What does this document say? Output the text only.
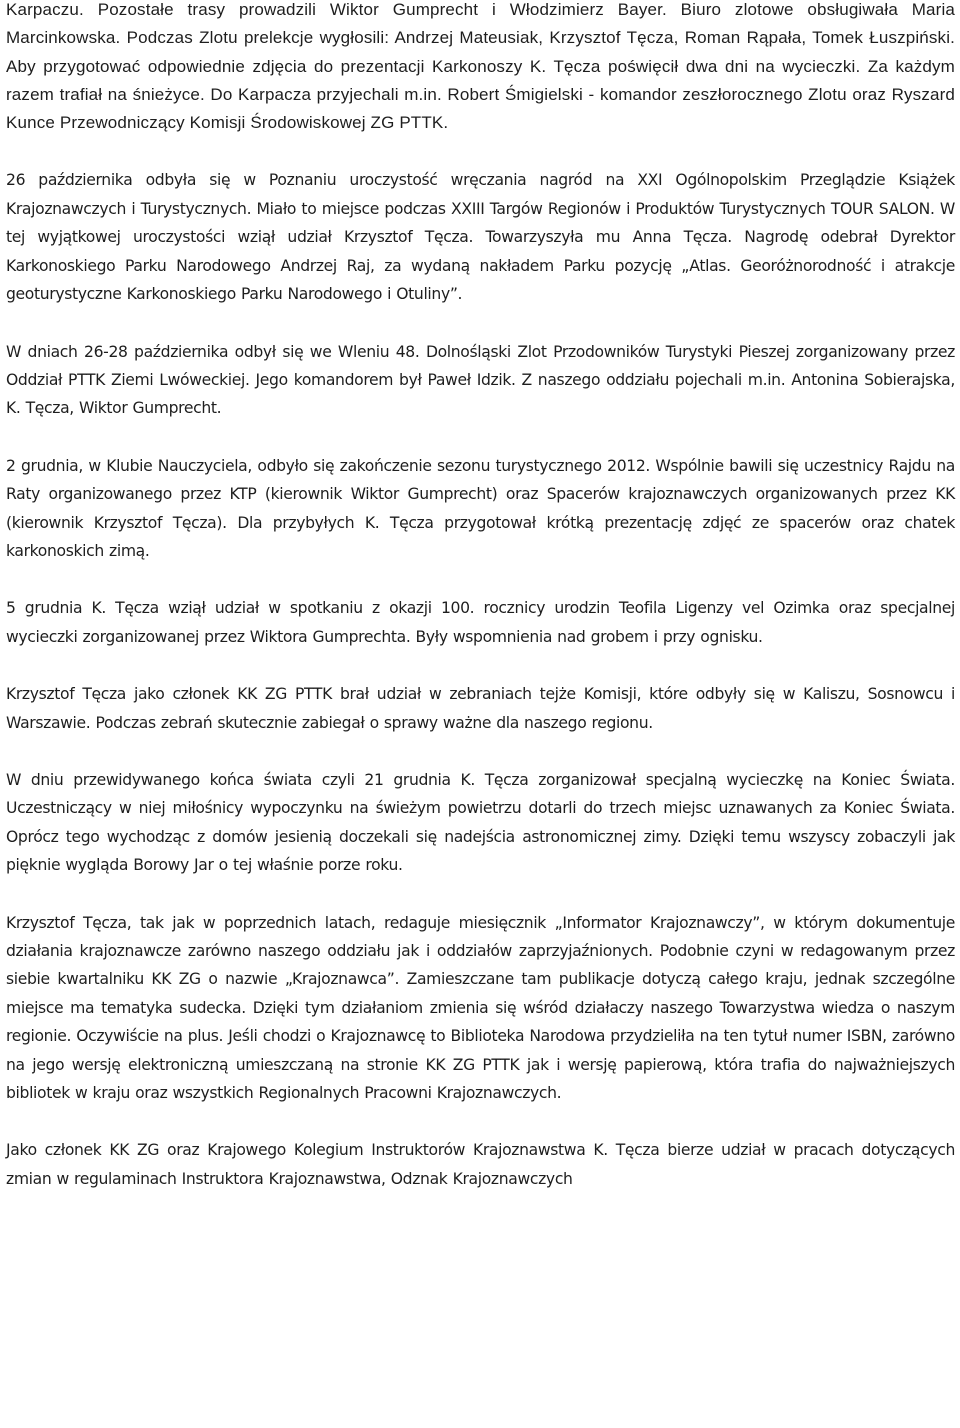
Karpaczu. Pozostałe trasy prowadzili Wiktor Gumprecht i Włodzimierz Bayer. Biuro zlotowe obsługiwała Maria Marcinkowska. Podczas Zlotu prelekcje wygłosili: Andrzej Mateusiak, Krzysztof Tęcza, Roman Rąpała, Tomek Łuszpiński. Aby przygotować odpowiednie zdjęcia do prezentacji Karkonoszy K. Tęcza poświęcił dwa dni na wycieczki. Za każdym razem trafiał na śnieżyce. Do Karpacza przyjechali m.in. Robert Śmigielski - komandor zeszłorocznego Zlotu oraz Ryszard Kunce Przewodniczący Komisji Środowiskowej ZG PTTK.

26 października odbyła się w Poznaniu uroczystość wręczania nagród na XXI Ogólnopolskim Przeglądzie Książek Krajoznawczych i Turystycznych. Miało to miejsce podczas XXIII Targów Regionów i Produktów Turystycznych TOUR SALON. W tej wyjątkowej uroczystości wziął udział Krzysztof Tęcza. Towarzyszyła mu Anna Tęcza. Nagrodę odebrał Dyrektor Karkonoskiego Parku Narodowego Andrzej Raj, za wydaną nakładem Parku pozycję „Atlas. Georóżnorodność i atrakcje geoturystyczne Karkonoskiego Parku Narodowego i Otuliny”.

W dniach 26-28 października odbył się we Wleniu 48. Dolnośląski Zlot Przodowników Turystyki Pieszej zorganizowany przez Oddział PTTK Ziemi Lwóweckiej. Jego komandorem był Paweł Idzik. Z naszego oddziału pojechali m.in. Antonina Sobierajska, K. Tęcza, Wiktor Gumprecht.

2 grudnia, w Klubie Nauczyciela, odbyło się zakończenie sezonu turystycznego 2012. Wspólnie bawili się uczestnicy Rajdu na Raty organizowanego przez KTP (kierownik Wiktor Gumprecht) oraz Spacerów krajoznawczych organizowanych przez KK (kierownik Krzysztof Tęcza). Dla przybyłych K. Tęcza przygotował krótką prezentację zdjęć ze spacerów oraz chatek karkonoskich zimą.

5 grudnia K. Tęcza wziął udział w spotkaniu z okazji 100. rocznicy urodzin Teofila Ligenzy vel Ozimka oraz specjalnej wycieczki zorganizowanej przez Wiktora Gumprechta. Były wspomnienia nad grobem i przy ognisku.

Krzysztof Tęcza jako członek KK ZG PTTK brał udział w zebraniach tejże Komisji, które odbyły się w Kaliszu, Sosnowcu i Warszawie. Podczas zebrań skutecznie zabiegał o sprawy ważne dla naszego regionu.

W dniu przewidywanego końca świata czyli 21 grudnia K. Tęcza zorganizował specjalną wycieczkę na Koniec Świata. Uczestniczący w niej miłośnicy wypoczynku na świeżym powietrzu dotarli do trzech miejsc uznawanych za Koniec Świata. Oprócz tego wychodząc z domów jesienią doczekali się nadejścia astronomicznej zimy. Dzięki temu wszyscy zobaczyli jak pięknie wygląda Borowy Jar o tej właśnie porze roku.

Krzysztof Tęcza, tak jak w poprzednich latach, redaguje miesięcznik „Informator Krajoznawczy”, w którym dokumentuje działania krajoznawcze zarówno naszego oddziału jak i oddziałów zaprzyjaźnionych. Podobnie czyni w redagowanym przez siebie kwartalniku KK ZG o nazwie „Krajoznawca”. Zamieszczane tam publikacje dotyczą całego kraju, jednak szczególne miejsce ma tematyka sudecka. Dzięki tym działaniom zmienia się wśród działaczy naszego Towarzystwa wiedza o naszym regionie. Oczywiście na plus. Jeśli chodzi o Krajoznawcę to Biblioteka Narodowa przydzieliła na ten tytuł numer ISBN, zarówno na jego wersję elektroniczną umieszczaną na stronie KK ZG PTTK jak i wersję papierową, która trafia do najważniejszych bibliotek w kraju oraz wszystkich Regionalnych Pracowni Krajoznawczych.

Jako członek KK ZG oraz Krajowego Kolegium Instruktorów Krajoznawstwa K. Tęcza bierze udział w pracach dotyczących zmian w regulaminach Instruktora Krajoznawstwa, Odznak Krajoznawczych
